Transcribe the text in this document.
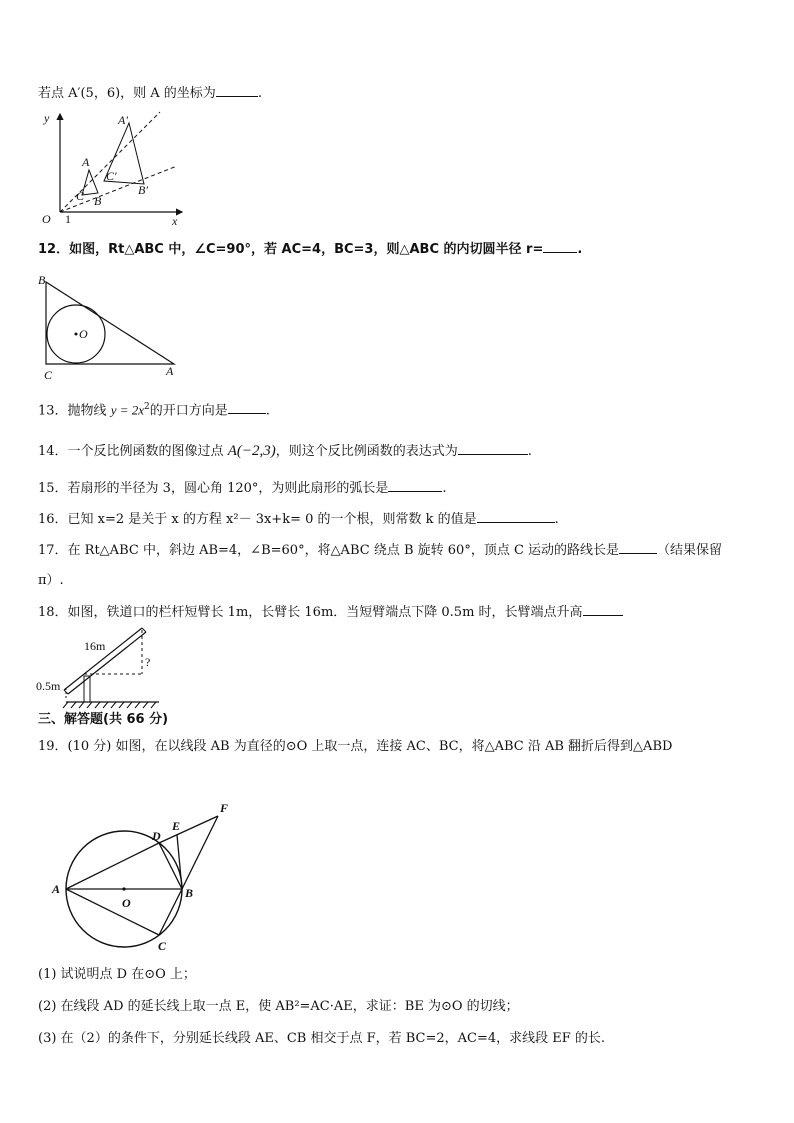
若点 A′(5，6)，则 A 的坐标为	.
y
x
O 1
A
B
C
A′
B′
C′
12．如图，Rt△ABC 中，∠C=90°，若 AC=4，BC=3，则△ABC 的内切圆半径 r=	.
B
C	A
O
13．抛物线 $y = 2x^2$的开口方向是	.
14．一个反比例函数的图像过点 A(−2,3)，则这个反比例函数的表达式为	.
15．若扇形的半径为 3，圆心角 120°，为则此扇形的弧长是	.
16．已知 x=2 是关于 x 的方程 x²－ 3x+k= 0 的一个根，则常数 k 的值是	.
17．在 Rt△ABC 中，斜边 AB=4，∠B=60°，将△ABC 绕点 B 旋转 60°，顶点 C 运动的路线长是	（结果保留
π）.
18．如图，铁道口的栏杆短臂长 1m，长臂长 16m．当短臂端点下降 0.5m 时，长臂端点升高
16m
0.5m
?
三、解答题(共 66 分)
19．(10 分) 如图，在以线段 AB 为直径的⊙O 上取一点，连接 AC、BC，将△ABC 沿 AB 翻折后得到△ABD
A	B
C
D
E
F
O
(1) 试说明点 D 在⊙O 上；
(2) 在线段 AD 的延长线上取一点 E，使 AB²=AC·AE，求证：BE 为⊙O 的切线；
(3) 在（2）的条件下，分别延长线段 AE、CB 相交于点 F，若 BC=2，AC=4，求线段 EF 的长.
